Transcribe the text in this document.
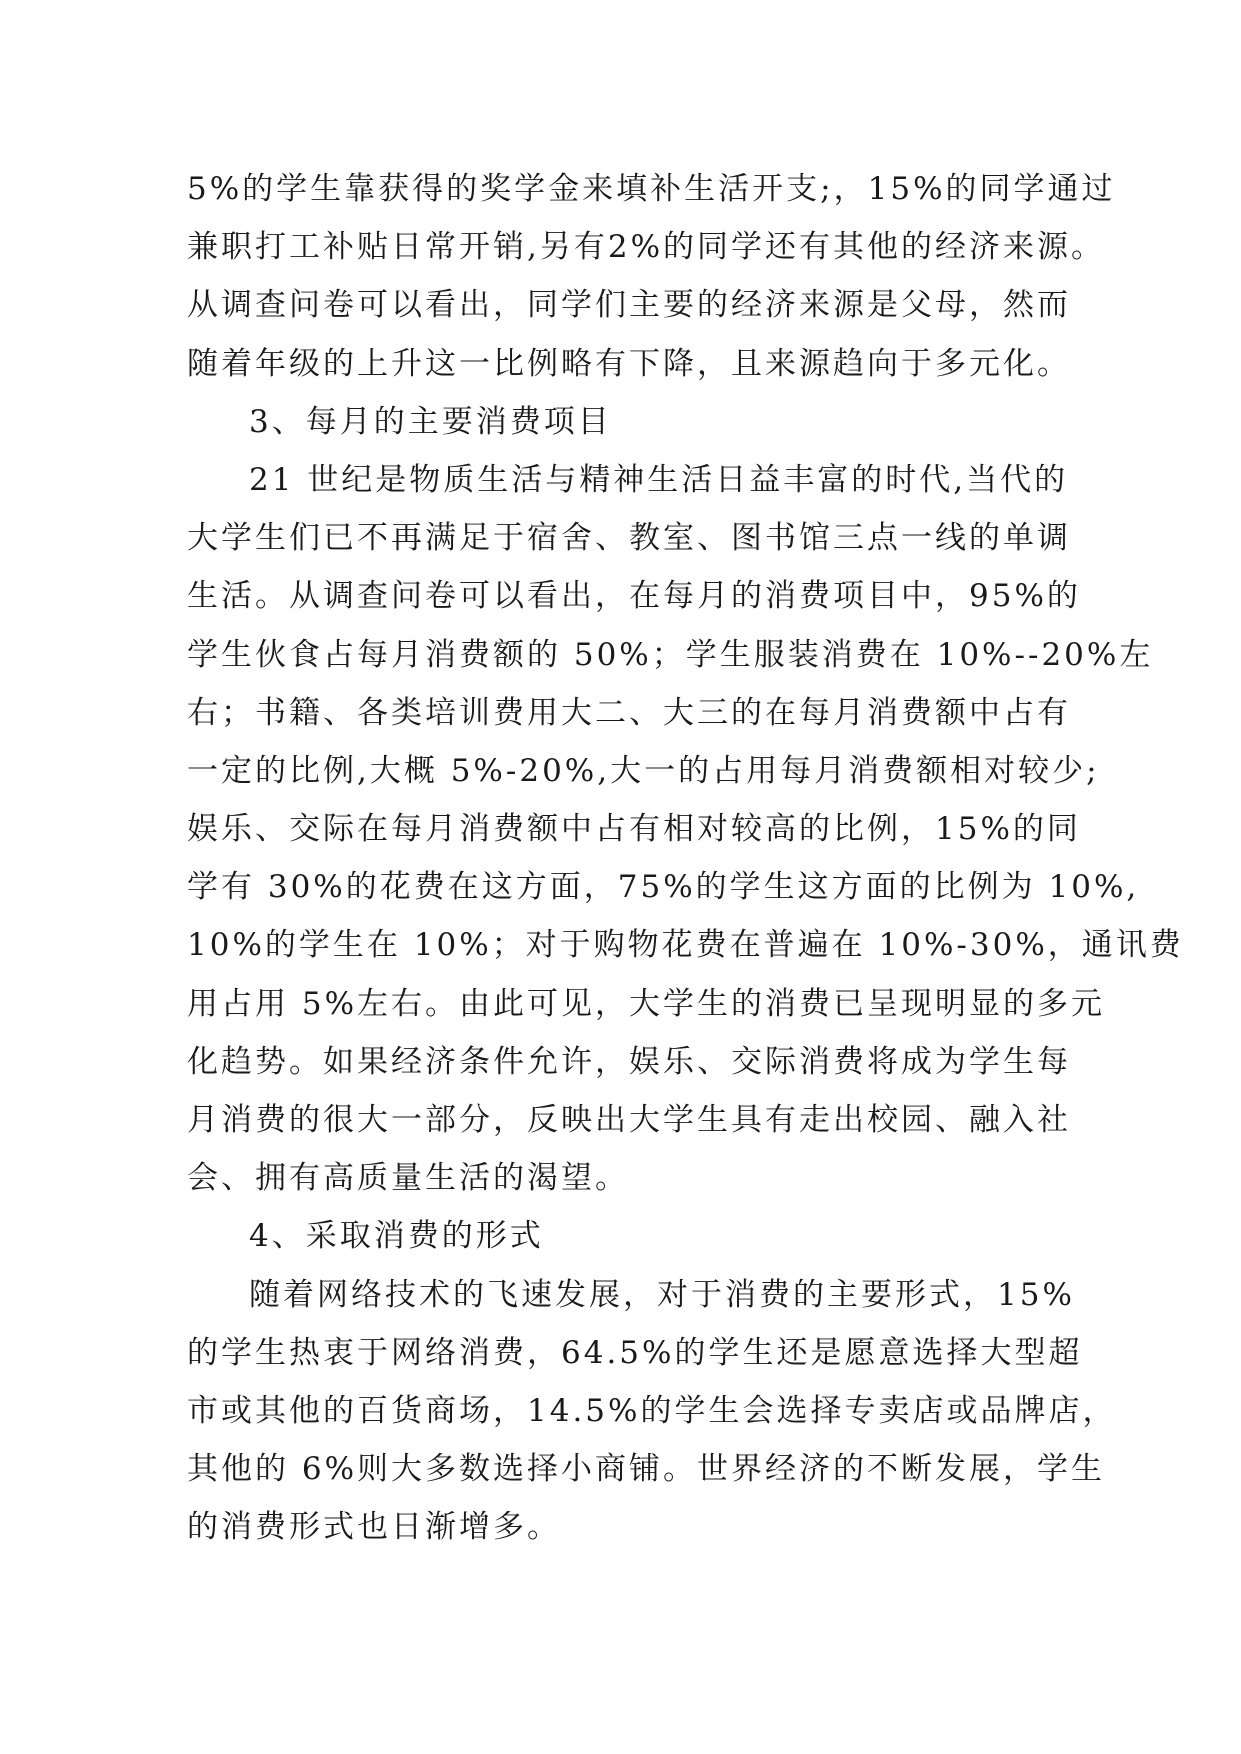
5%的学生靠获得的奖学金来填补生活开支;，15%的同学通过
兼职打工补贴日常开销,另有2%的同学还有其他的经济来源。
从调查问卷可以看出，同学们主要的经济来源是父母，然而
随着年级的上升这一比例略有下降，且来源趋向于多元化。
3、每月的主要消费项目
21 世纪是物质生活与精神生活日益丰富的时代,当代的
大学生们已不再满足于宿舍、教室、图书馆三点一线的单调
生活。从调查问卷可以看出，在每月的消费项目中，95%的
学生伙食占每月消费额的 50%；学生服装消费在 10%--20%左
右；书籍、各类培训费用大二、大三的在每月消费额中占有
一定的比例,大概 5%-20%,大一的占用每月消费额相对较少;
娱乐、交际在每月消费额中占有相对较高的比例，15%的同
学有 30%的花费在这方面，75%的学生这方面的比例为 10%,
10%的学生在 10%；对于购物花费在普遍在 10%-30%，通讯费
用占用 5%左右。由此可见，大学生的消费已呈现明显的多元
化趋势。如果经济条件允许，娱乐、交际消费将成为学生每
月消费的很大一部分，反映出大学生具有走出校园、融入社
会、拥有高质量生活的渴望。
4、采取消费的形式
随着网络技术的飞速发展，对于消费的主要形式，15%
的学生热衷于网络消费，64.5%的学生还是愿意选择大型超
市或其他的百货商场，14.5%的学生会选择专卖店或品牌店，
其他的 6%则大多数选择小商铺。世界经济的不断发展，学生
的消费形式也日渐增多。
